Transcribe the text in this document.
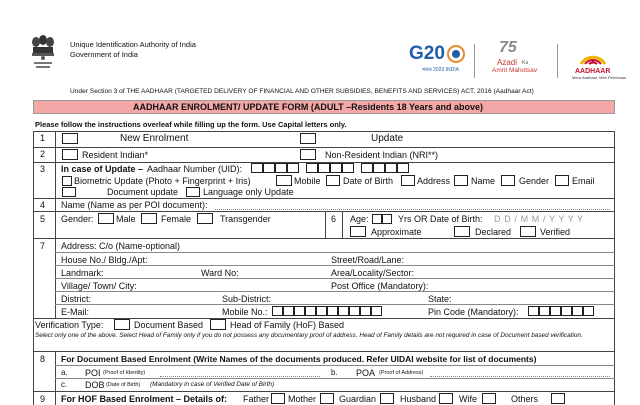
Unique Identification Authority of India
Government of India	G20
भारत 2023 INDIA
75
Azadi Ka
Amrit Mahotsav	AADHAAR
Mera Aadhaar, Meri Pehchaan
Under Section 3 of THE AADHAAR (TARGETED DELIVERY OF FINANCIAL AND OTHER SUBSIDIES, BENEFITS AND SERVICES) ACT, 2016 (Aadhaar Act)
AADHAAR ENROLMENT/ UPDATE FORM (ADULT –Residents 18 Years and above)
Please follow the instructions overleaf while filling up the form. Use Capital letters only.
1	New Enrolment	Update
2	Resident Indian*	Non-Resident Indian (NRI**)
3 In case of Update – Aadhaar Number (UID):
Biometric Update (Photo + Fingerprint + Iris)	Mobile Date of Birth	Address Name	Gender	Email
Document update	Language only Update
4 Name (Name as per POI document):
5 Gender: Male	Female	Transgender	6 Age:	Yrs OR Date of Birth: D D / M M / Y Y Y Y
Approximate	Declared	Verified
7 Address: C/o (Name-optional)
House No./ Bldg./Apt:	Street/Road/Lane:
Landmark:	Ward No:	Area/Locality/Sector:
Village/ Town/ City:	Post Office (Mandatory):
District:	Sub-District:	State:
E-Mail:	Mobile No.:	Pin Code (Mandatory):
Verification Type:	Document Based	Head of Family (HoF) Based
Select only one of the above. Select Head of Family only if you do not possess any documentary proof of address. Head of Family details are not required in case of Document based verification.
8 For Document Based Enrolment (Write Names of the documents produced. Refer UIDAI website for list of documents)
a. POI (Proof of Identity)	b. POA (Proof of Address)
c. DOB (Date of Birth) (Mandatory in case of Verified Date of Birth)
9 For HOF Based Enrolment – Details of: Father Mother	Guardian	Husband	Wife	Others
